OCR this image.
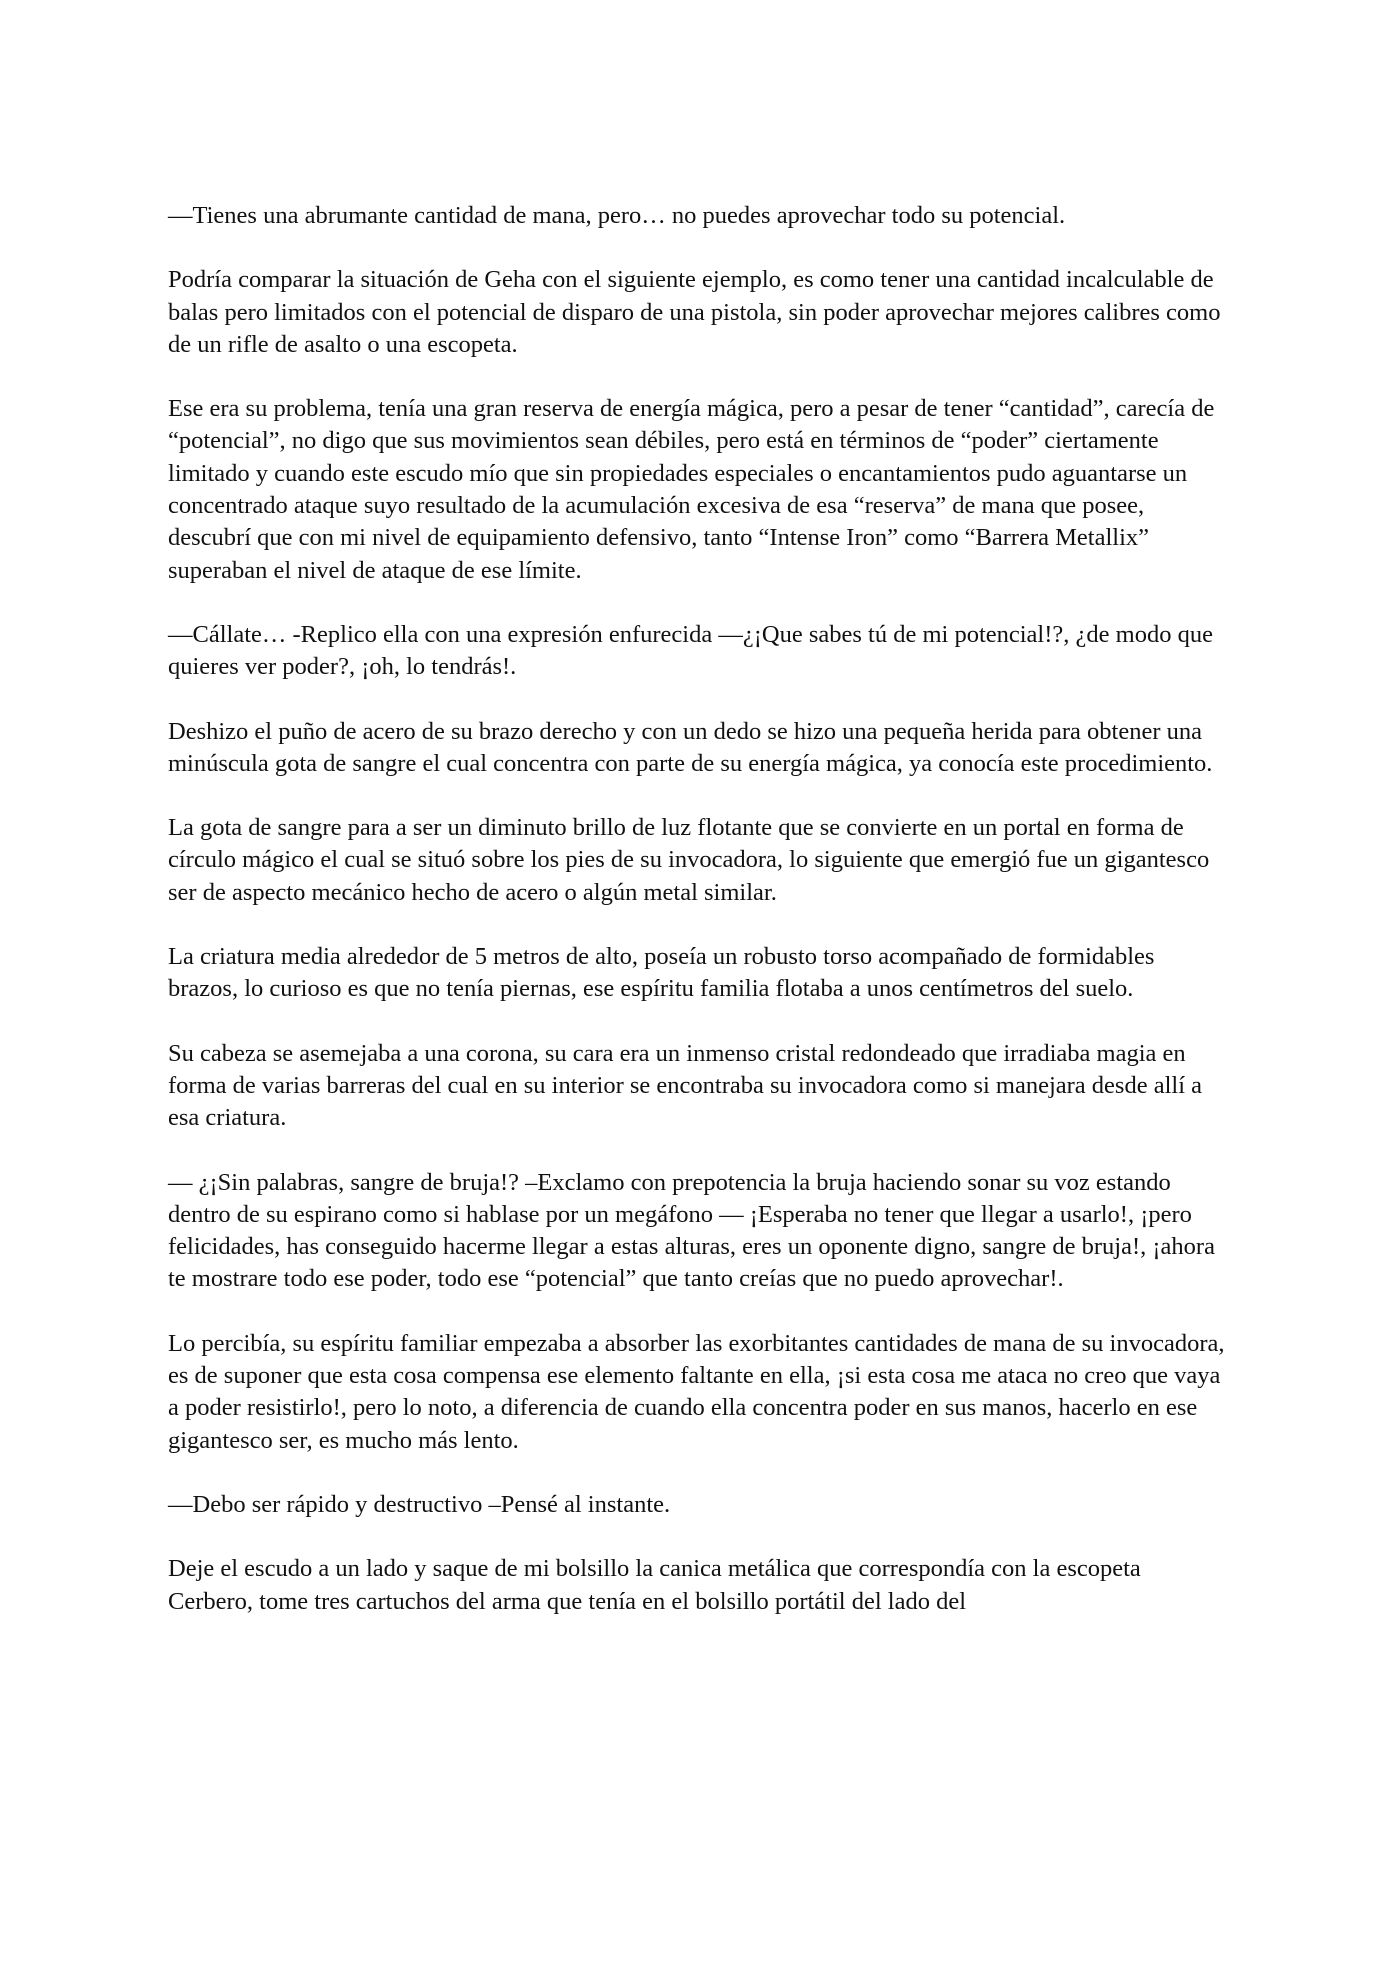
—Tienes una abrumante cantidad de mana, pero… no puedes aprovechar todo su potencial.

Podría comparar la situación de Geha con el siguiente ejemplo, es como tener una cantidad incalculable de balas pero limitados con el potencial de disparo de una pistola, sin poder aprovechar mejores calibres como de un rifle de asalto o una escopeta.

Ese era su problema, tenía una gran reserva de energía mágica, pero a pesar de tener “cantidad”, carecía de “potencial”, no digo que sus movimientos sean débiles, pero está en términos de “poder” ciertamente limitado y cuando este escudo mío que sin propiedades especiales o encantamientos pudo aguantarse un concentrado ataque suyo resultado de la acumulación excesiva de esa “reserva” de mana que posee, descubrí que con mi nivel de equipamiento defensivo, tanto “Intense Iron” como “Barrera Metallix” superaban el nivel de ataque de ese límite.

—Cállate… -Replico ella con una expresión enfurecida —¿¡Que sabes tú de mi potencial!?, ¿de modo que quieres ver poder?, ¡oh, lo tendrás!.

Deshizo el puño de acero de su brazo derecho y con un dedo se hizo una pequeña herida para obtener una minúscula gota de sangre el cual concentra con parte de su energía mágica, ya conocía este procedimiento.

La gota de sangre para a ser un diminuto brillo de luz flotante que se convierte en un portal en forma de círculo mágico el cual se situó sobre los pies de su invocadora, lo siguiente que emergió fue un gigantesco ser de aspecto mecánico hecho de acero o algún metal similar.

La criatura media alrededor de 5 metros de alto, poseía un robusto torso acompañado de formidables brazos, lo curioso es que no tenía piernas, ese espíritu familia flotaba a unos centímetros del suelo.

Su cabeza se asemejaba a una corona, su cara era un inmenso cristal redondeado que irradiaba magia en forma de varias barreras del cual en su interior se encontraba su invocadora como si manejara desde allí a esa criatura.

— ¿¡Sin palabras, sangre de bruja!? –Exclamo con prepotencia la bruja haciendo sonar su voz estando dentro de su espirano como si hablase por un megáfono — ¡Esperaba no tener que llegar a usarlo!, ¡pero felicidades, has conseguido hacerme llegar a estas alturas, eres un oponente digno, sangre de bruja!, ¡ahora te mostrare todo ese poder, todo ese “potencial” que tanto creías que no puedo aprovechar!.

Lo percibía, su espíritu familiar empezaba a absorber las exorbitantes cantidades de mana de su invocadora, es de suponer que esta cosa compensa ese elemento faltante en ella, ¡si esta cosa me ataca no creo que vaya a poder resistirlo!, pero lo noto, a diferencia de cuando ella concentra poder en sus manos, hacerlo en ese gigantesco ser, es mucho más lento.

—Debo ser rápido y destructivo –Pensé al instante.

Deje el escudo a un lado y saque de mi bolsillo la canica metálica que correspondía con la escopeta Cerbero, tome tres cartuchos del arma que tenía en el bolsillo portátil del lado del
